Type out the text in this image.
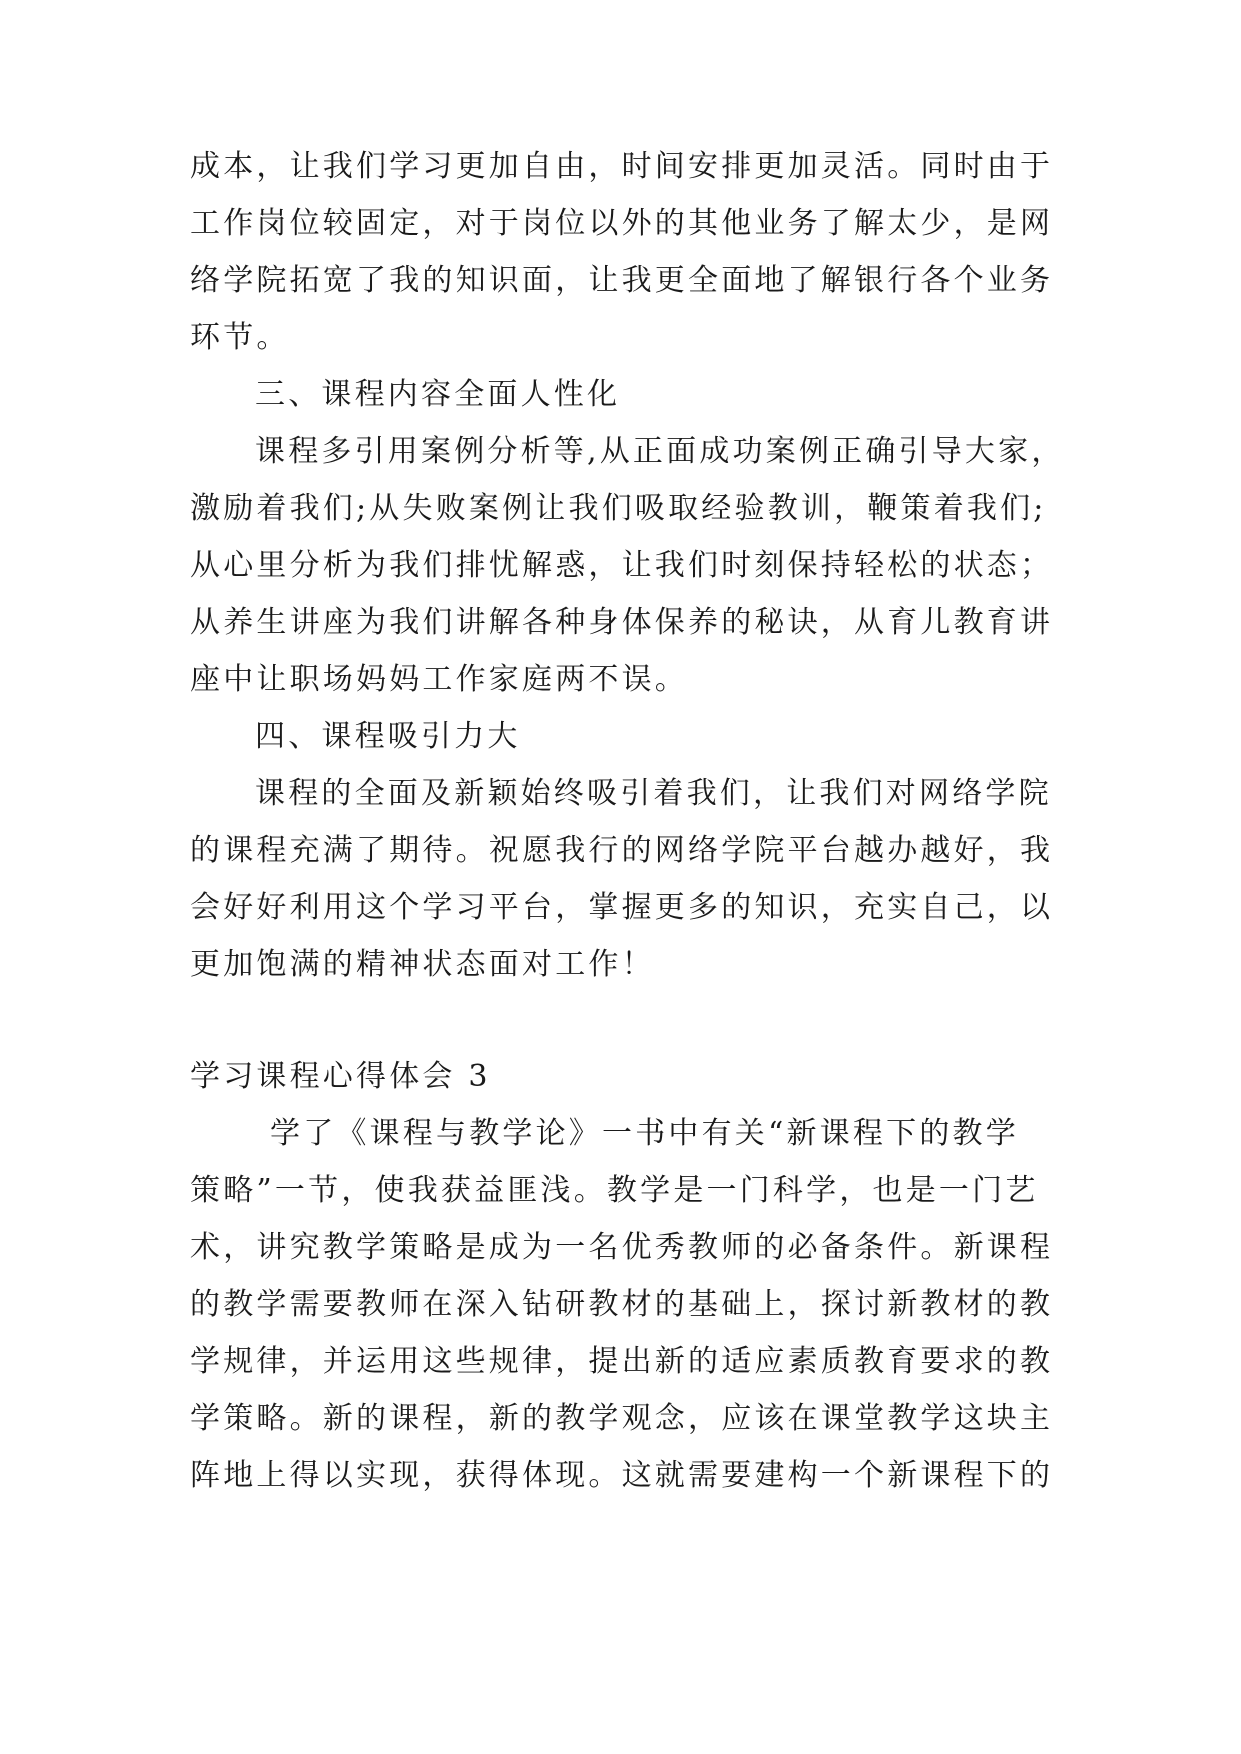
成本，让我们学习更加自由，时间安排更加灵活。同时由于
工作岗位较固定，对于岗位以外的其他业务了解太少，是网
络学院拓宽了我的知识面，让我更全面地了解银行各个业务
环节。
三、课程内容全面人性化
课程多引用案例分析等,从正面成功案例正确引导大家，
激励着我们;从失败案例让我们吸取经验教训，鞭策着我们;
从心里分析为我们排忧解惑，让我们时刻保持轻松的状态；
从养生讲座为我们讲解各种身体保养的秘诀，从育儿教育讲
座中让职场妈妈工作家庭两不误。
四、课程吸引力大
课程的全面及新颖始终吸引着我们，让我们对网络学院
的课程充满了期待。祝愿我行的网络学院平台越办越好，我
会好好利用这个学习平台，掌握更多的知识，充实自己，以
更加饱满的精神状态面对工作！
学习课程心得体会 3
学了《课程与教学论》一书中有关“新课程下的教学
策略”一节，使我获益匪浅。教学是一门科学，也是一门艺
术，讲究教学策略是成为一名优秀教师的必备条件。新课程
的教学需要教师在深入钻研教材的基础上，探讨新教材的教
学规律，并运用这些规律，提出新的适应素质教育要求的教
学策略。新的课程，新的教学观念，应该在课堂教学这块主
阵地上得以实现，获得体现。这就需要建构一个新课程下的
